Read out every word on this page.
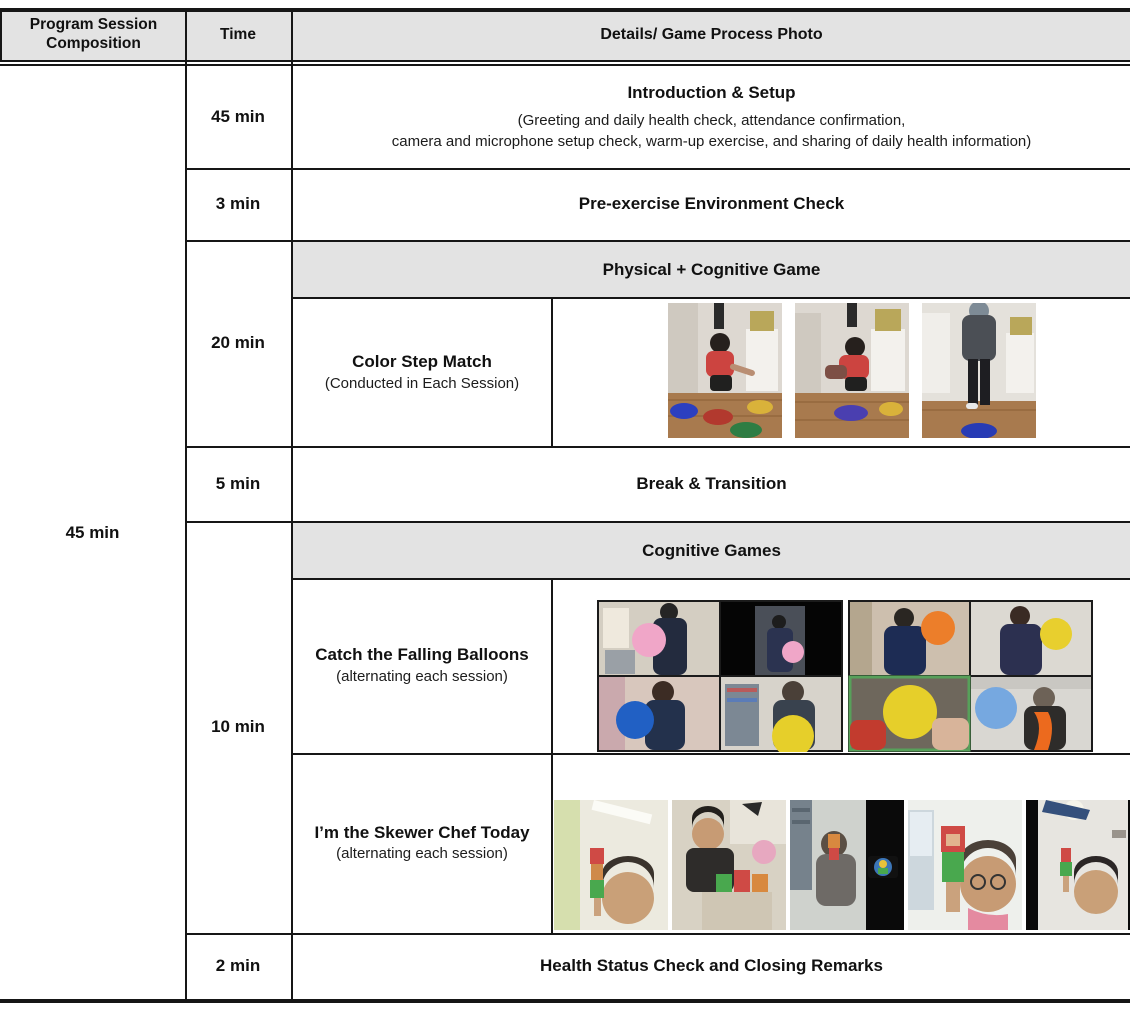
Program Session Composition
Time	Details/ Game Process Photo
45 min
45 min
3 min
20 min
5 min
10 min
2 min
Introduction & Setup
(Greeting and daily health check, attendance confirmation,
camera and microphone setup check, warm-up exercise, and sharing of daily health information)
Pre-exercise Environment Check
Physical + Cognitive Game
Color Step Match
(Conducted in Each Session)
Break & Transition
Cognitive Games
Catch the Falling Balloons
(alternating each session)
I’m the Skewer Chef Today
(alternating each session)
Health Status Check and Closing Remarks
